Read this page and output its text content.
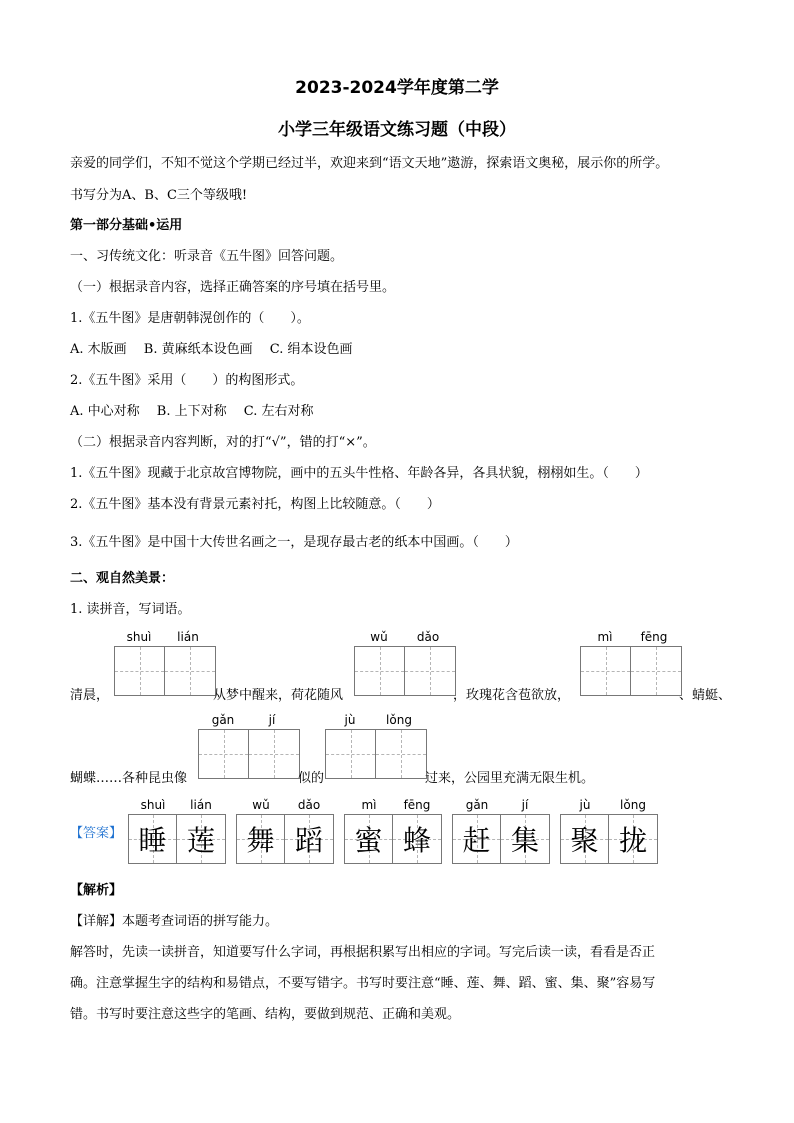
2023-2024学年度第二学
小学三年级语文练习题（中段）
亲爱的同学们，不知不觉这个学期已经过半，欢迎来到“语文天地”遨游，探索语文奥秘，展示你的所学。
书写分为A、B、C三个等级哦!
第一部分基础•运用
一、习传统文化：听录音《五牛图》回答问题。
（一）根据录音内容，选择正确答案的序号填在括号里。
1.《五牛图》是唐朝韩滉创作的（　　）。
A. 木版画　 B. 黄麻纸本设色画　 C. 绢本设色画
2.《五牛图》采用（　　）的构图形式。
A. 中心对称　 B. 上下对称　 C. 左右对称
（二）根据录音内容判断，对的打“√”，错的打“×”。
1.《五牛图》现藏于北京故宫博物院，画中的五头牛性格、年龄各异，各具状貌，栩栩如生。（　　）
2.《五牛图》基本没有背景元素衬托，构图上比较随意。（　　）
3.《五牛图》是中国十大传世名画之一，是现存最古老的纸本中国画。（　　）
二、观自然美景：
1. 读拼音，写词语。
shuì	lián	wǔ	dǎo	mì	fēng
清晨，	从梦中醒来，荷花随风	，玫瑰花含苞欲放，	、蜻蜓、
gǎn	jí	jù	lǒng
蝴蝶……各种昆虫像	似的	过来，公园里充满无限生机。
【答案】
shuì	lián	wǔ	dǎo	mì	fēng	gǎn	jí	jù	lǒng
睡 莲	舞 蹈	蜜 蜂	赶 集	聚 拢
【解析】
【详解】本题考查词语的拼写能力。
解答时，先读一读拼音，知道要写什么字词，再根据积累写出相应的字词。写完后读一读，看看是否正
确。注意掌握生字的结构和易错点，不要写错字。书写时要注意“睡、莲、舞、蹈、蜜、集、聚”容易写
错。书写时要注意这些字的笔画、结构，要做到规范、正确和美观。
